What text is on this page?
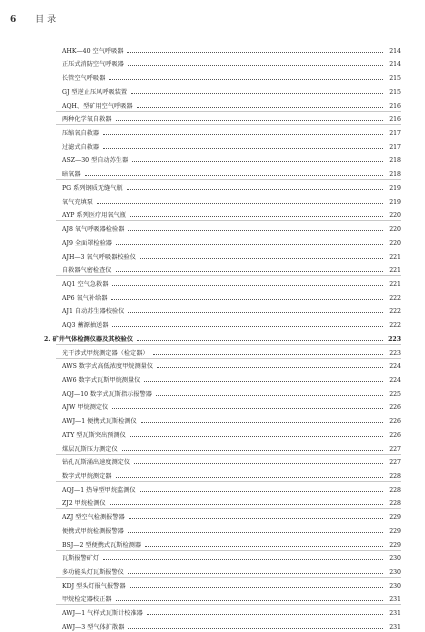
6 目录
AHK—40 空气呼吸器	214
正压式消防空气呼吸器	214
长管空气呼吸器	215
GJ 型逆止压风呼吸装置	215
AQH、型矿用空气呼吸器	216
两种化学氧自救器	216
压缩氧自救器	217
过滤式自救器	217
ASZ—30 型自动苏生器	218
暗氧器	218
PG 系列钢质无缝气瓶	219
氧气充填泵	219
AYP 系列医疗用氧气瓶	220
AJ8 氧气呼吸器检验器	220
AJ9 全面罩检验器	220
AJH—3 氧气呼吸器校验仪	221
自救器气密检查仪	221
AQ1 空气急救器	221
AP6 氧气补给器	222
AJ1 自动苏生器校验仪	222
AQ3 蓄源抽送器	222
2. 矿井气体检测仪器及其校验仪	223
光干涉式甲烷测定器（检定器）	223
AWS 数字式高低浓度甲烷测量仪	224
AW6 数字式瓦斯甲烷测量仪	224
AQJ—10 数字式瓦斯指示报警器	225
AJW 甲烷测定仪	226
AWJ—1 便携式瓦斯检测仪	226
ATY 型瓦斯突出预测仪	226
煤层瓦斯压力测定仪	227
钻孔瓦斯涌出速度测定仪	227
数字式甲烷测定器	228
AQJ—1 热导型甲烷监测仪	228
ZJ2 甲烷检测仪	228
AZJ 型空气检测报警器	229
便携式甲烷检测报警器	229
BSJ—2 型便携式瓦斯检测器	229
瓦斯报警矿灯	230
多功能头灯瓦斯报警仪	230
KDJ 型头灯报气报警器	230
甲烷检定器校正器	231
AWJ—1 气样式瓦斯计校准器	231
AWJ—3 型气体扩散器	231
